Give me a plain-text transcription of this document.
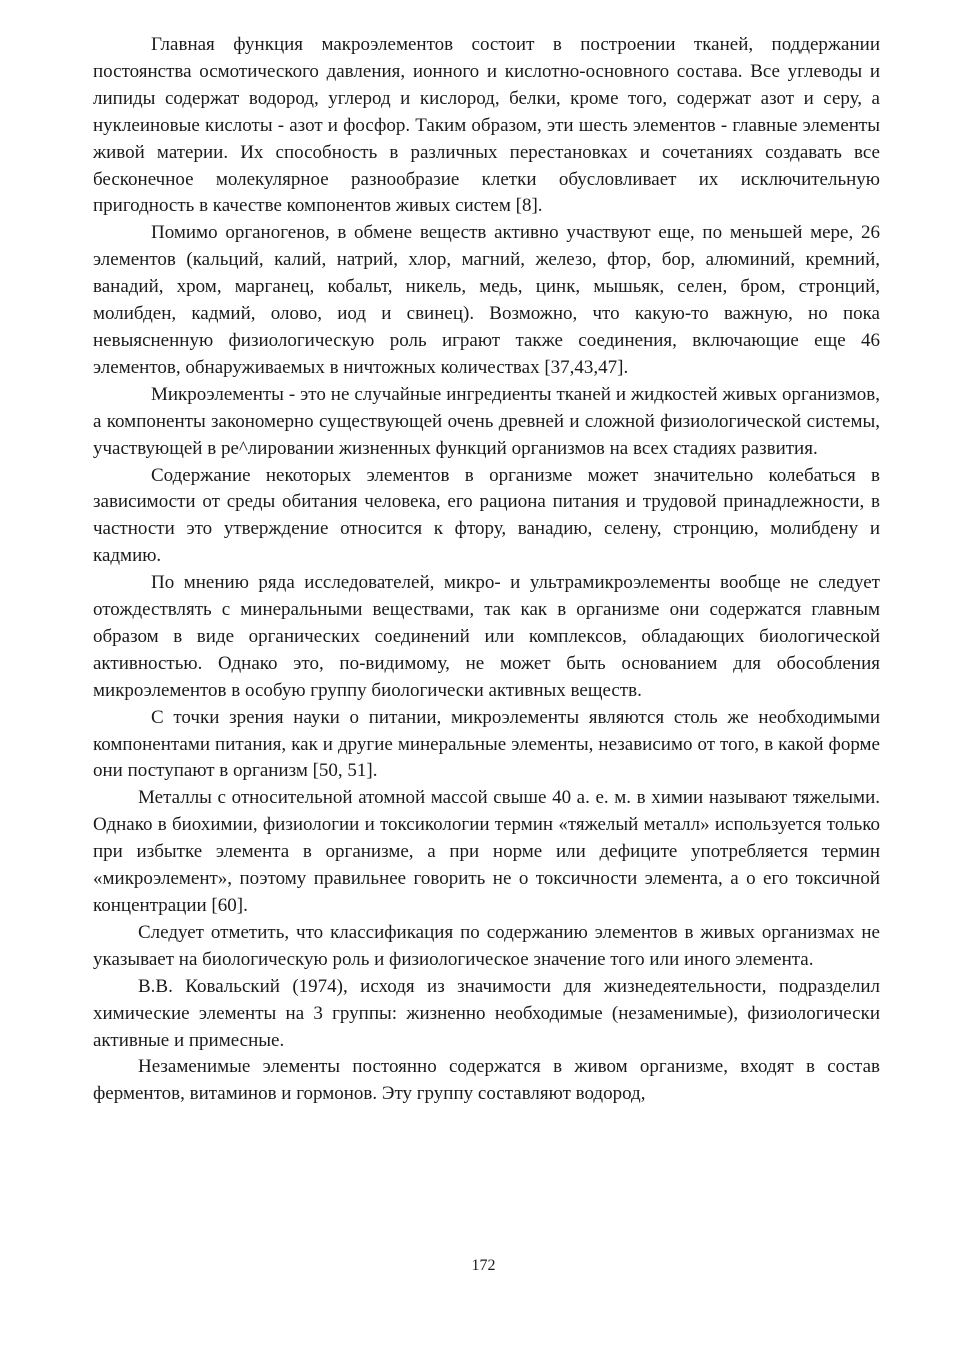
Главная функция макроэлементов состоит в построении тканей, поддержании постоянства осмотического давления, ионного и кислотно-основного состава. Все углеводы и липиды содержат водород, углерод и кислород, белки, кроме того, содержат азот и серу, а нуклеиновые кислоты - азот и фосфор. Таким образом, эти шесть элементов - главные элементы живой материи. Их способность в различных перестановках и сочетаниях создавать все бесконечное молекулярное разнообразие клетки обусловливает их исключительную пригодность в качестве компонентов живых систем [8].

Помимо органогенов, в обмене веществ активно участвуют еще, по меньшей мере, 26 элементов (кальций, калий, натрий, хлор, магний, железо, фтор, бор, алюминий, кремний, ванадий, хром, марганец, кобальт, никель, медь, цинк, мышьяк, селен, бром, стронций, молибден, кадмий, олово, иод и свинец). Возможно, что какую-то важную, но пока невыясненную физиологическую роль играют также соединения, включающие еще 46 элементов, обнаруживаемых в ничтожных количествах [37,43,47].

Микроэлементы - это не случайные ингредиенты тканей и жидкостей живых организмов, а компоненты закономерно существующей очень древней и сложной физиологической системы, участвующей в ре^лировании жизненных функций организмов на всех стадиях развития.

Содержание некоторых элементов в организме может значительно колебаться в зависимости от среды обитания человека, его рациона питания и трудовой принадлежности, в частности это утверждение относится к фтору, ванадию, селену, стронцию, молибдену и кадмию.

По мнению ряда исследователей, микро- и ультрамикроэлементы вообще не следует отождествлять с минеральными веществами, так как в организме они содержатся главным образом в виде органических соединений или комплексов, обладающих биологической активностью. Однако это, по-видимому, не может быть основанием для обособления микроэлементов в особую группу биологически активных веществ.

С точки зрения науки о питании, микроэлементы являются столь же необходимыми компонентами питания, как и другие минеральные элементы, независимо от того, в какой форме они поступают в организм [50, 51].

Металлы с относительной атомной массой свыше 40 а. е. м. в химии называют тяжелыми. Однако в биохимии, физиологии и токсикологии термин «тяжелый металл» используется только при избытке элемента в организме, а при норме или дефиците употребляется термин «микроэлемент», поэтому правильнее говорить не о токсичности элемента, а о его токсичной концентрации [60].

Следует отметить, что классификация по содержанию элементов в живых организмах не указывает на биологическую роль и физиологическое значение того или иного элемента.

В.В. Ковальский (1974), исходя из значимости для жизнедеятельности, подразделил химические элементы на 3 группы: жизненно необходимые (незаменимые), физиологически активные и примесные.

Незаменимые элементы постоянно содержатся в живом организме, входят в состав ферментов, витаминов и гормонов. Эту группу составляют водород,

172
